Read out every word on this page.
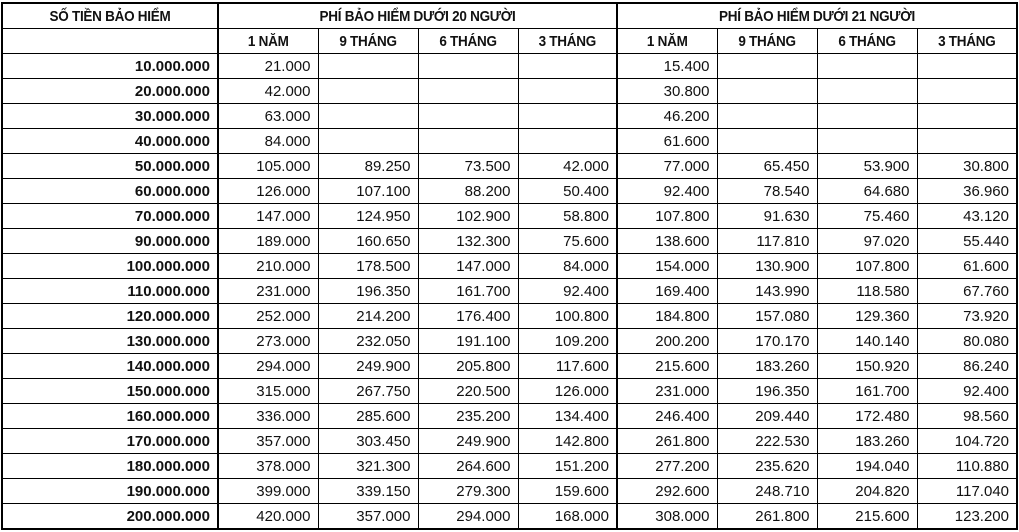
SỐ TIỀN BẢO HIỂM	PHÍ BẢO HIỂM DƯỚI 20 NGƯỜI				PHÍ BẢO HIỂM DƯỚI 21 NGƯỜI			
	1 NĂM	9 THÁNG	6 THÁNG	3 THÁNG	1 NĂM	9 THÁNG	6 THÁNG	3 THÁNG
10.000.000	21.000				15.400			
20.000.000	42.000				30.800			
30.000.000	63.000				46.200			
40.000.000	84.000				61.600			
50.000.000	105.000	89.250	73.500	42.000	77.000	65.450	53.900	30.800
60.000.000	126.000	107.100	88.200	50.400	92.400	78.540	64.680	36.960
70.000.000	147.000	124.950	102.900	58.800	107.800	91.630	75.460	43.120
90.000.000	189.000	160.650	132.300	75.600	138.600	117.810	97.020	55.440
100.000.000	210.000	178.500	147.000	84.000	154.000	130.900	107.800	61.600
110.000.000	231.000	196.350	161.700	92.400	169.400	143.990	118.580	67.760
120.000.000	252.000	214.200	176.400	100.800	184.800	157.080	129.360	73.920
130.000.000	273.000	232.050	191.100	109.200	200.200	170.170	140.140	80.080
140.000.000	294.000	249.900	205.800	117.600	215.600	183.260	150.920	86.240
150.000.000	315.000	267.750	220.500	126.000	231.000	196.350	161.700	92.400
160.000.000	336.000	285.600	235.200	134.400	246.400	209.440	172.480	98.560
170.000.000	357.000	303.450	249.900	142.800	261.800	222.530	183.260	104.720
180.000.000	378.000	321.300	264.600	151.200	277.200	235.620	194.040	110.880
190.000.000	399.000	339.150	279.300	159.600	292.600	248.710	204.820	117.040
200.000.000	420.000	357.000	294.000	168.000	308.000	261.800	215.600	123.200
